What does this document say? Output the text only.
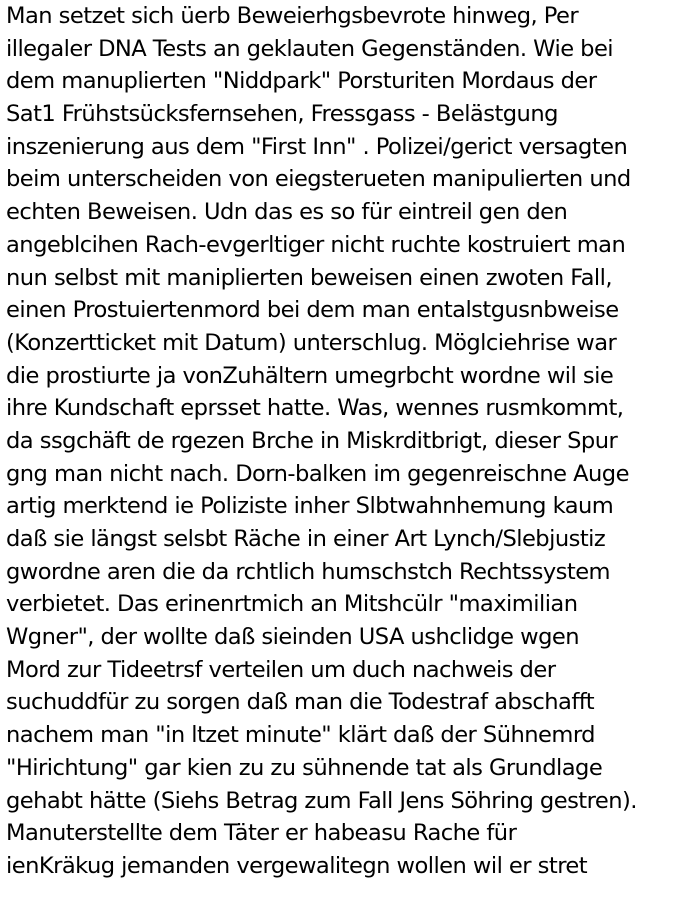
Man setzet sich üerb Beweierhgsbevrote hinweg, Per
illegaler DNA Tests an geklauten Gegenständen. Wie bei
dem manuplierten "Niddpark" Porsturiten Mordaus der
Sat1 Frühstsücksfernsehen, Fressgass - Belästgung
inszenierung aus dem "First Inn" . Polizei/gerict versagten
beim unterscheiden von eiegsterueten manipulierten und
echten Beweisen. Udn das es so für eintreil gen den
angeblcihen Rach-evgerltiger nicht ruchte kostruiert man
nun selbst mit maniplierten beweisen einen zwoten Fall,
einen Prostuiertenmord bei dem man entalstgusnbweise
(Konzertticket mit Datum) unterschlug. Möglciehrise war
die prostiurte ja vonZuhältern umegrbcht wordne wil sie
ihre Kundschaft eprsset hatte. Was, wennes rusmkommt,
da ssgchäft de rgezen Brche in Miskrditbrigt, dieser Spur
gng man nicht nach. Dorn-balken im gegenreischne Auge
artig merktend ie Poliziste inher Slbtwahnhemung kaum
daß sie längst selsbt Räche in einer Art Lynch/Slebjustiz
gwordne aren die da rchtlich humschstch Rechtssystem
verbietet. Das erinenrtmich an Mitshcülr "maximilian
Wgner", der wollte daß sieinden USA ushclidge wgen
Mord zur Tideetrsf verteilen um duch nachweis der
suchuddfür zu sorgen daß man die Todestraf abschafft
nachem man "in ltzet minute" klärt daß der Sühnemrd
"Hirichtung" gar kien zu zu sühnende tat als Grundlage
gehabt hätte (Siehs Betrag zum Fall Jens Söhring gestren).
Manuterstellte dem Täter er habeasu Rache für
ienKräkug jemanden vergewalitegn wollen wil er stret
